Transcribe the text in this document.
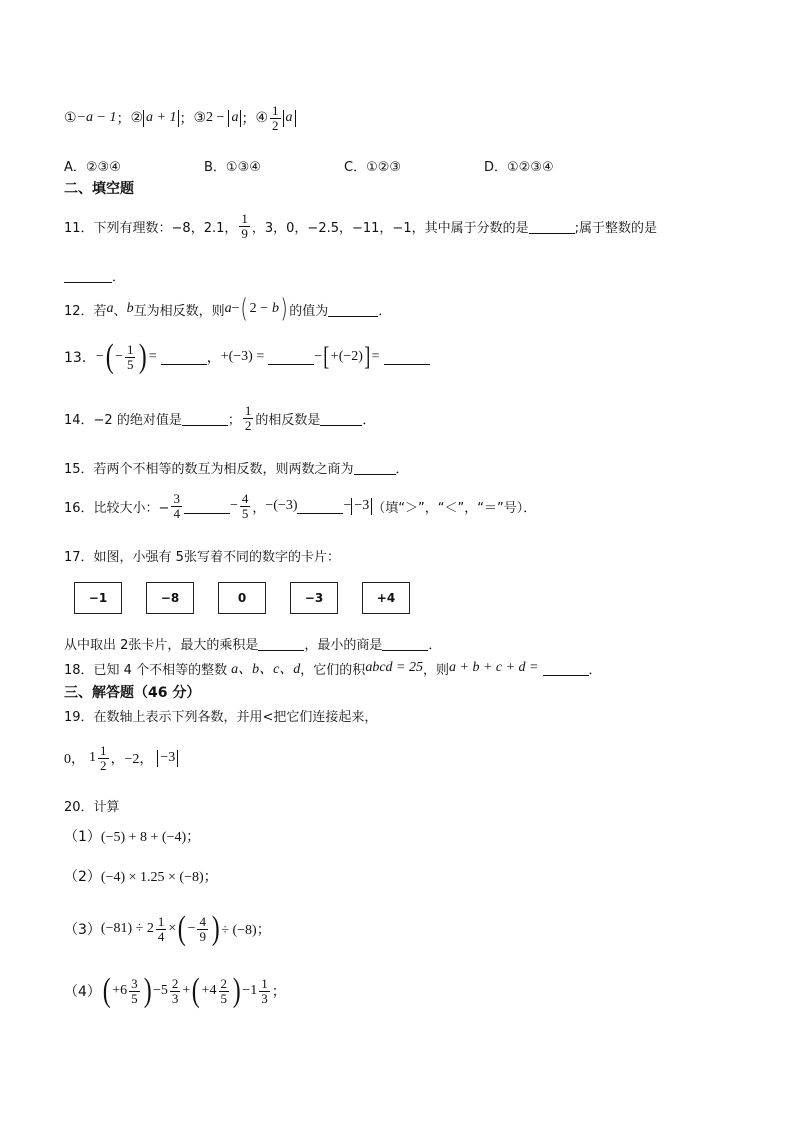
① −a − 1 ； ② a + 1 ； ③ 2 − a ； ④ $\frac{1}{2}$ a
A．②③④	B．①③④	C．①②③	D．①②③④
二、填空题
11．下列有理数：−8，2.1， $\frac{1}{9}$ ，3，0，−2.5，−11，−1，其中属于分数的是	;属于整数的是
．
12．若 a 、 b 互为相反数，则 a − ( 2 − b ) 的值为	．
13． − ( − $\frac{1}{5}$ ) =	， +(−3) =	− [ +(−2) ] =
14．−2 的绝对值是	； $\frac{1}{2}$ 的相反数是	．
15．若两个不相等的数互为相反数，则两数之商为	．
16．比较大小：− $\frac{3}{4}$	− $\frac{4}{5}$ ， −(−3)	− −3 （填“＞”，“＜”，“＝”号）．
17．如图，小强有 5张写着不同的数字的卡片：
−1	−8	0	−3	+4
从中取出 2张卡片，最大的乘积是	，最小的商是	．
18．已知 4 个不相等的整数 a、b、c、d ，它们的积 abcd = 25 ，则 a + b + c + d =	．
三、解答题（46 分）
19．在数轴上表示下列各数，并用<把它们连接起来，
0， $1 \frac{1}{2}$ ，−2， −3
20．计算
（1） (−5) + 8 + (−4)；
（2） (−4) × 1.25 × (−8)；
（3） $(-81) \div 2 \frac{1}{4}$ × ( − $\frac{4}{9}$ ) ÷ (−8)；
（4） ( $+6 \frac{3}{5}$ ) $-5 \frac{2}{3}$ + ( $+4 \frac{2}{5}$ ) $-1 \frac{1}{3}$ ；
